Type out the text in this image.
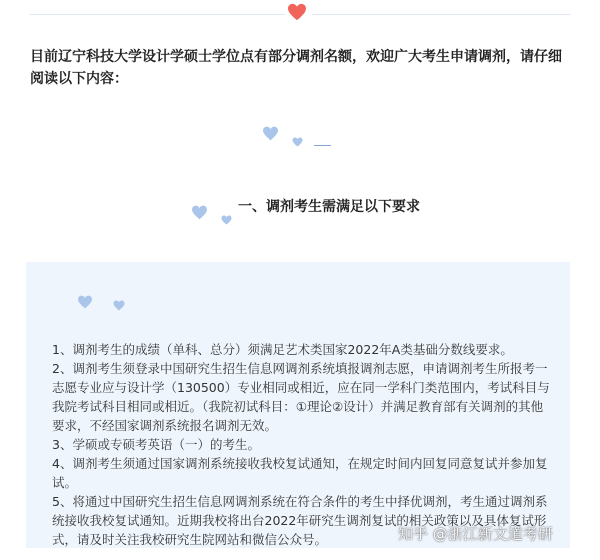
目前辽宁科技大学设计学硕士学位点有部分调剂名额，欢迎广大考生申请调剂，请仔细阅读以下内容：
一、调剂考生需满足以下要求

1、调剂考生的成绩（单科、总分）须满足艺术类国家2022年A类基础分数线要求。

2、调剂考生须登录中国研究生招生信息网调剂系统填报调剂志愿，申请调剂考生所报考一志愿专业应与设计学（130500）专业相同或相近，应在同一学科门类范围内，考试科目与我院考试科目相同或相近。（我院初试科目：①理论②设计）并满足教育部有关调剂的其他要求，不经国家调剂系统报名调剂无效。

3、学硕或专硕考英语（一）的考生。

4、调剂考生须通过国家调剂系统接收我校复试通知，在规定时间内回复同意复试并参加复试。

5、将通过中国研究生招生信息网调剂系统在符合条件的考生中择优调剂，考生通过调剂系统接收我校复试通知。近期我校将出台2022年研究生调剂复试的相关政策以及具体复试形式，请及时关注我校研究生院网站和微信公众号。	知乎 @浙江新文道考研
